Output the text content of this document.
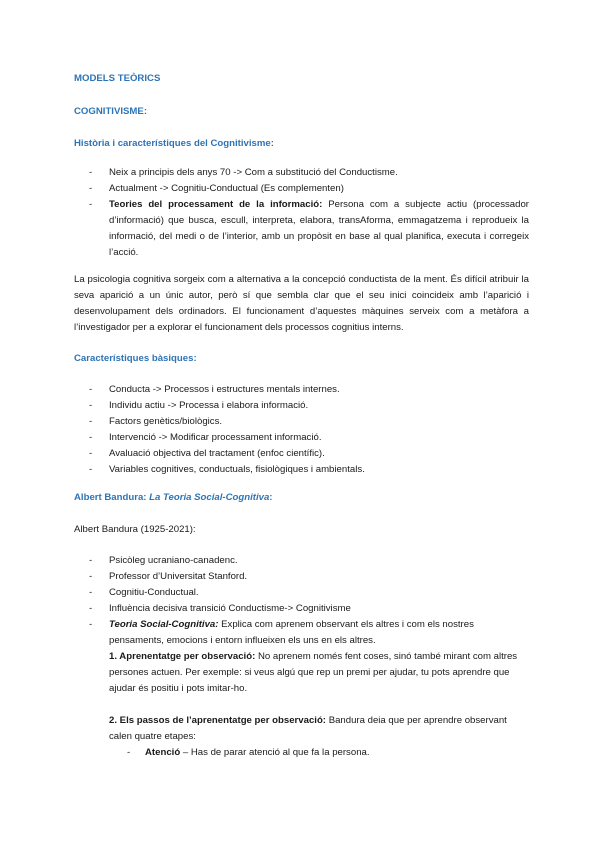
MODELS TEÒRICS
COGNITIVISME:
Història i característiques del Cognitivisme:
- Neix a principis dels anys 70 -> Com a substitució del Conductisme.
- Actualment -> Cognitiu-Conductual (Es complementen)
- Teories del processament de la informació: Persona com a subjecte actiu (processador d’informació) que busca, escull, interpreta, elabora, transAforma, emmagatzema i reprodueix la informació, del medi o de l’interior, amb un propòsit en base al qual planifica, executa i corregeix l’acció.
La psicologia cognitiva sorgeix com a alternativa a la concepció conductista de la ment. És difícil atribuir la seva aparició a un únic autor, però sí que sembla clar que el seu inici coincideix amb l’aparició i desenvolupament dels ordinadors. El funcionament d’aquestes màquines serveix com a metàfora a l’investigador per a explorar el funcionament dels processos cognitius interns.
Característiques bàsiques:
- Conducta -> Processos i estructures mentals internes.
- Individu actiu -> Processa i elabora informació.
- Factors genètics/biològics.
- Intervenció -> Modificar processament informació.
- Avaluació objectiva del tractament (enfoc científic).
- Variables cognitives, conductuals, fisiològiques i ambientals.
Albert Bandura: La Teoria Social-Cognitiva:
Albert Bandura (1925-2021):
- Psicòleg ucraniano-canadenc.
- Professor d’Universitat Stanford.
- Cognitiu-Conductual.
- Influència decisiva transició Conductisme-> Cognitivisme
- Teoria Social-Cognitiva: Explica com aprenem observant els altres i com els nostres pensaments, emocions i entorn influeixen els uns en els altres.
1. Aprenentatge per observació: No aprenem només fent coses, sinó també mirant com altres persones actuen. Per exemple: si veus algú que rep un premi per ajudar, tu pots aprendre que ajudar és positiu i pots imitar-ho.
2. Els passos de l’aprenentatge per observació: Bandura deia que per aprendre observant calen quatre etapes:
- Atenció – Has de parar atenció al que fa la persona.
